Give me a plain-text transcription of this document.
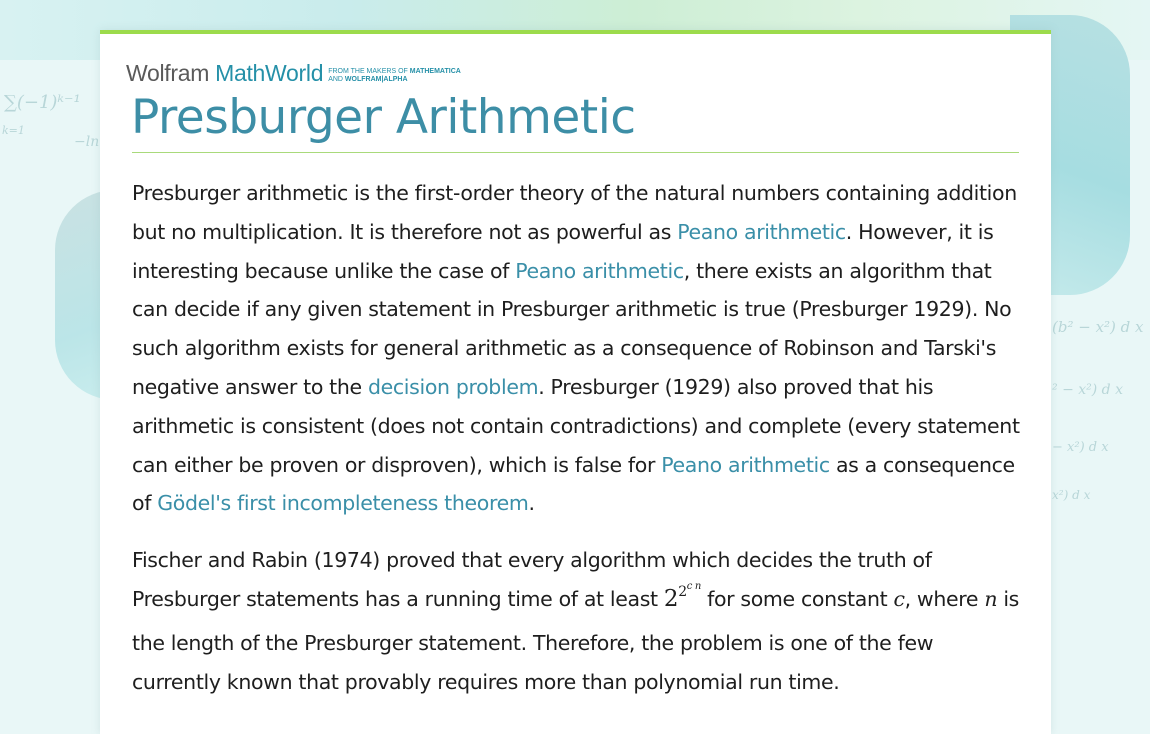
∑(−1)ᵏ⁻¹
k=1
−ln
(b² − x²) d x
² − x²) d x
− x²) d x
x²) d x
Wolfram MathWorld FROM THE MAKERS OF MATHEMATICA
AND WOLFRAM|ALPHA
Presburger Arithmetic

Presburger arithmetic is the first-order theory of the natural numbers containing addition but no multiplication. It is therefore not as powerful as Peano arithmetic. However, it is interesting because unlike the case of Peano arithmetic, there exists an algorithm that can decide if any given statement in Presburger arithmetic is true (Presburger 1929). No such algorithm exists for general arithmetic as a consequence of Robinson and Tarski's negative answer to the decision problem. Presburger (1929) also proved that his arithmetic is consistent (does not contain contradictions) and complete (every statement can either be proven or disproven), which is false for Peano arithmetic as a consequence of Gödel's first incompleteness theorem.

Fischer and Rabin (1974) proved that every algorithm which decides the truth of Presburger statements has a running time of at least $2^{2c n}$ for some constant c, where n is the length of the Presburger statement. Therefore, the problem is one of the few currently known that provably requires more than polynomial run time.
